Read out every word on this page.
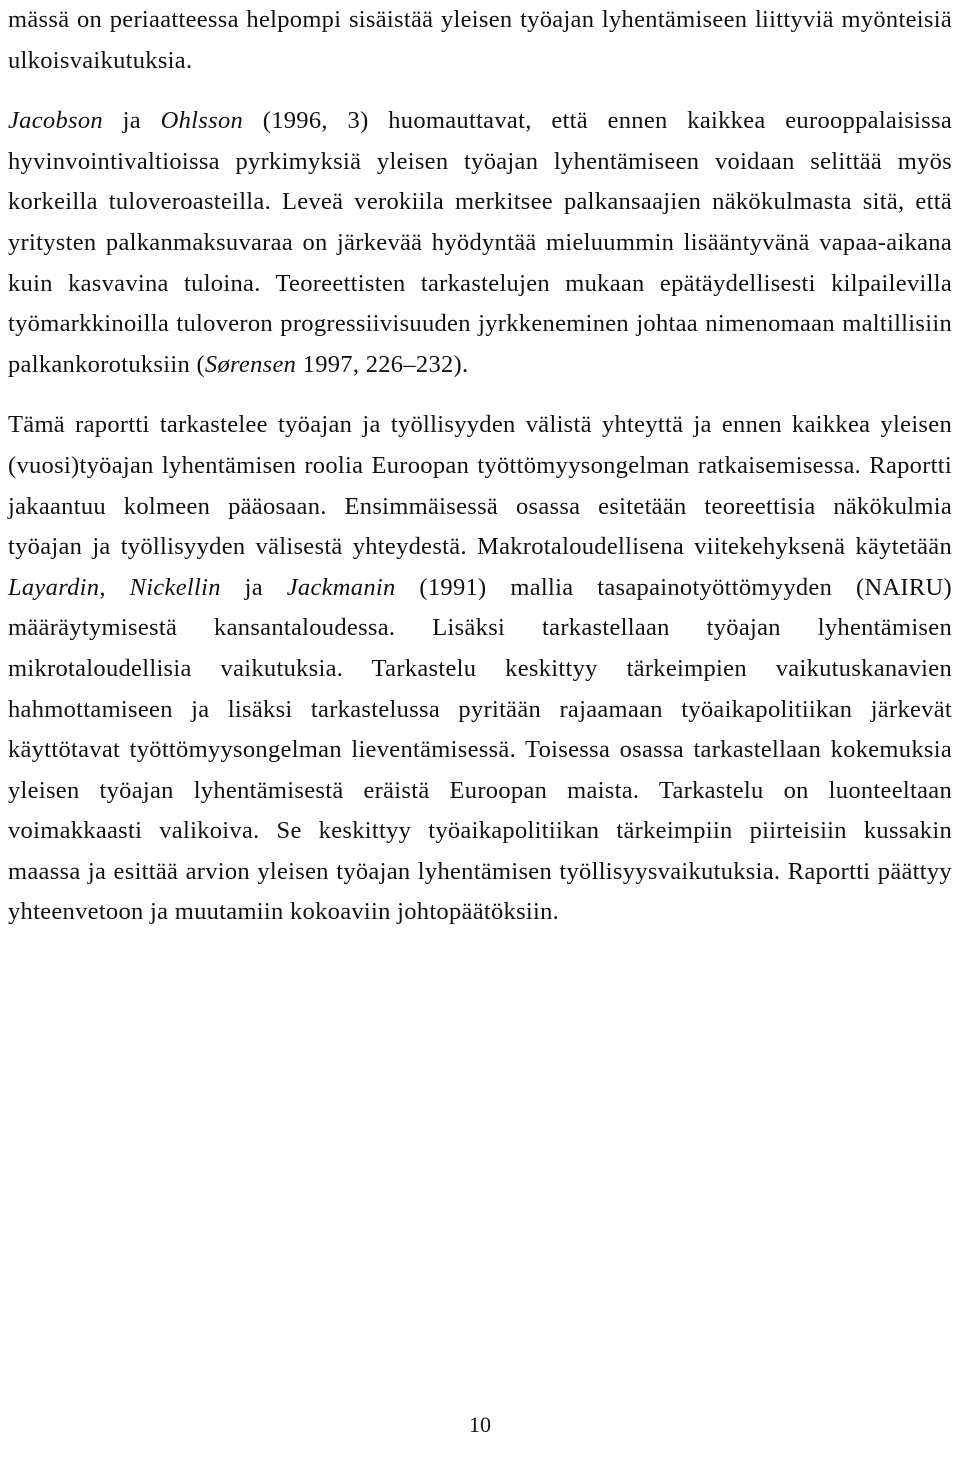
mässä on periaatteessa helpompi sisäistää yleisen työajan lyhentämiseen liittyviä myönteisiä ulkoisvaikutuksia.

Jacobson ja Ohlsson (1996, 3) huomauttavat, että ennen kaikkea eurooppalaisissa hyvinvointivaltioissa pyrkimyksiä yleisen työajan lyhentämiseen voidaan selittää myös korkeilla tuloveroasteilla. Leveä verokiila merkitsee palkansaajien näkökulmasta sitä, että yritysten palkanmaksuvaraa on järkevää hyödyntää mieluummin lisääntyvänä vapaa-aikana kuin kasvavina tuloina. Teoreettisten tarkastelujen mukaan epätäydellisesti kilpailevilla työmarkkinoilla tuloveron progressiivisuuden jyrkkeneminen johtaa nimenomaan maltillisiin palkankorotuksiin (Sørensen 1997, 226–232).

Tämä raportti tarkastelee työajan ja työllisyyden välistä yhteyttä ja ennen kaikkea yleisen (vuosi)työajan lyhentämisen roolia Euroopan työttömyysongelman ratkaisemisessa. Raportti jakaantuu kolmeen pääosaan. Ensimmäisessä osassa esitetään teoreettisia näkökulmia työajan ja työllisyyden välisestä yhteydestä. Makrotaloudellisena viitekehyksenä käytetään Layardin, Nickellin ja Jackmanin (1991) mallia tasapainotyöttömyyden (NAIRU) määräytymisestä kansantaloudessa. Lisäksi tarkastellaan työajan lyhentämisen mikrotaloudellisia vaikutuksia. Tarkastelu keskittyy tärkeimpien vaikutuskanavien hahmottamiseen ja lisäksi tarkastelussa pyritään rajaamaan työaikapolitiikan järkevät käyttötavat työttömyysongelman lieventämisessä. Toisessa osassa tarkastellaan kokemuksia yleisen työajan lyhentämisestä eräistä Euroopan maista. Tarkastelu on luonteeltaan voimakkaasti valikoiva. Se keskittyy työaikapolitiikan tärkeimpiin piirteisiin kussakin maassa ja esittää arvion yleisen työajan lyhentämisen työllisyysvaikutuksia. Raportti päättyy yhteenvetoon ja muutamiin kokoaviin johtopäätöksiin.

10
